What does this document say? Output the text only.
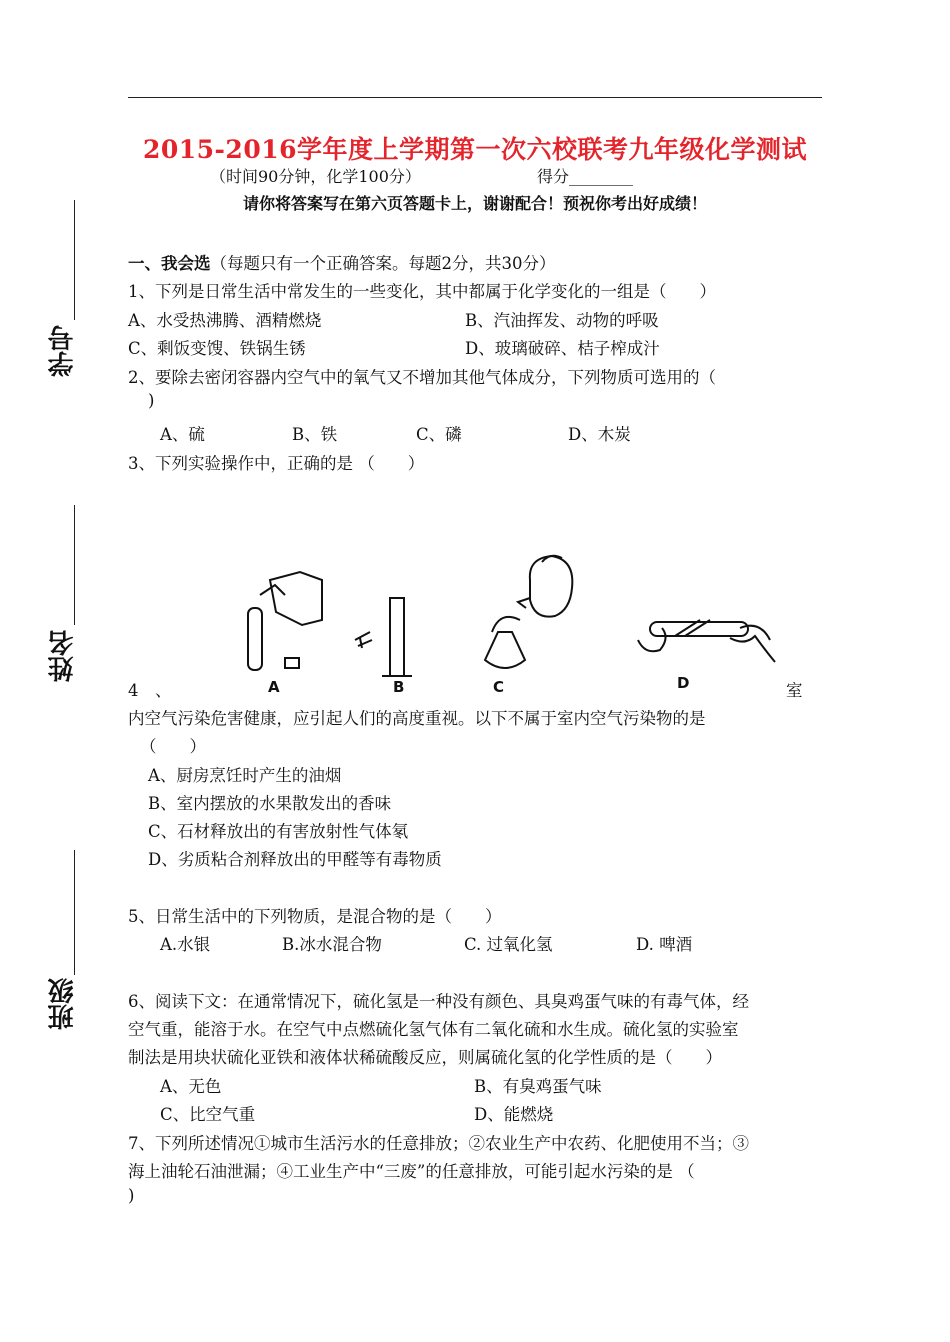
2015-2016学年度上学期第一次六校联考九年级化学测试
（时间90分钟，化学100分）	得分________
请你将答案写在第六页答题卡上，谢谢配合！预祝你考出好成绩！
学号
姓名
班级
一、我会选（每题只有一个正确答案。每题2分，共30分）
1、下列是日常生活中常发生的一些变化，其中都属于化学变化的一组是（　　）
A、水受热沸腾、酒精燃烧	B、汽油挥发、动物的呼吸
C、剩饭变馊、铁锅生锈	D、玻璃破碎、桔子榨成汁
2、要除去密闭容器内空气中的氧气又不增加其他气体成分，下列物质可选用的（
)
A、硫	B、铁	C、磷	D、木炭
3、下列实验操作中，正确的是 （　　）
A	B	C	D
4　、	室
内空气污染危害健康，应引起人们的高度重视。以下不属于室内空气污染物的是
（　　）
A、厨房烹饪时产生的油烟
B、室内摆放的水果散发出的香味
C、石材释放出的有害放射性气体氡
D、劣质粘合剂释放出的甲醛等有毒物质
5、日常生活中的下列物质，是混合物的是（　　）
A.水银	B.冰水混合物	C. 过氧化氢	D. 啤酒
6、阅读下文：在通常情况下，硫化氢是一种没有颜色、具臭鸡蛋气味的有毒气体，经
空气重，能溶于水。在空气中点燃硫化氢气体有二氧化硫和水生成。硫化氢的实验室
制法是用块状硫化亚铁和液体状稀硫酸反应，则属硫化氢的化学性质的是（　　）
A、无色	B、有臭鸡蛋气味
C、比空气重	D、能燃烧
7、下列所述情况①城市生活污水的任意排放；②农业生产中农药、化肥使用不当；③
海上油轮石油泄漏；④工业生产中“三废”的任意排放，可能引起水污染的是 （
)
